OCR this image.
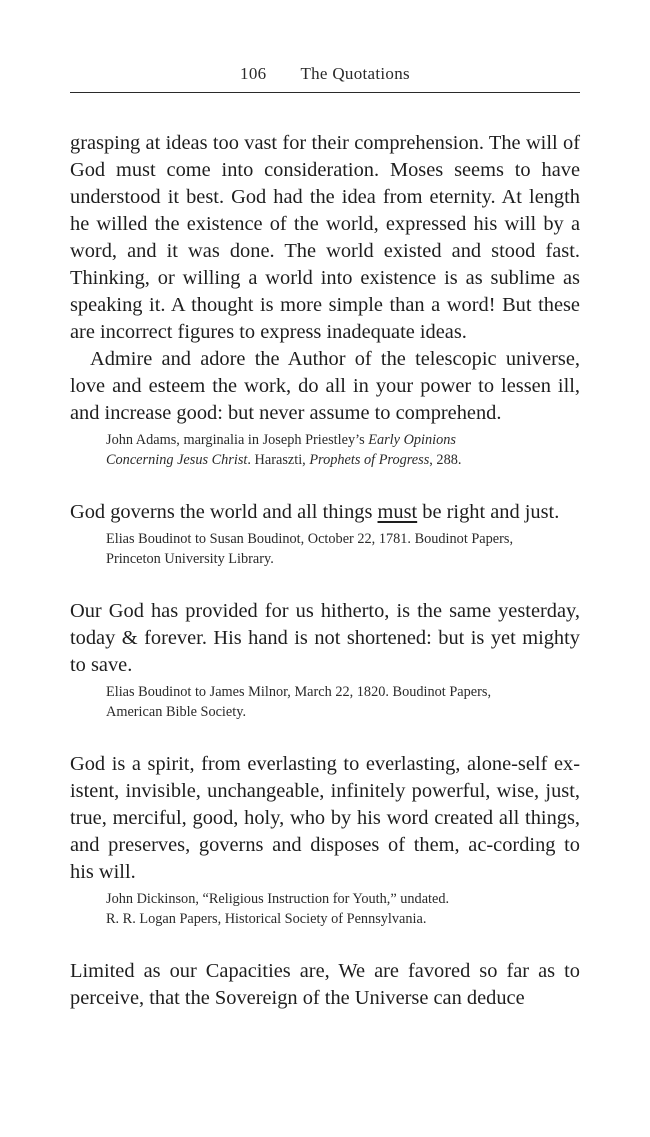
106 The Quotations

grasping at ideas too vast for their comprehension. The will of God must come into consideration. Moses seems to have understood it best. God had the idea from eternity. At length he willed the existence of the world, expressed his will by a word, and it was done. The world existed and stood fast. Thinking, or willing a world into existence is as sublime as speaking it. A thought is more simple than a word! But these are incorrect figures to express inadequate ideas.

Admire and adore the Author of the telescopic universe, love and esteem the work, do all in your power to lessen ill, and increase good: but never assume to comprehend.

John Adams, marginalia in Joseph Priestley’s Early Opinions
Concerning Jesus Christ. Haraszti, Prophets of Progress, 288.

God governs the world and all things must be right and just.

Elias Boudinot to Susan Boudinot, October 22, 1781. Boudinot Papers,
Princeton University Library.

Our God has provided for us hitherto, is the same yesterday, today & forever. His hand is not shortened: but is yet mighty to save.

Elias Boudinot to James Milnor, March 22, 1820. Boudinot Papers,
American Bible Society.

God is a spirit, from everlasting to everlasting, alone-self ex-istent, invisible, unchangeable, infinitely powerful, wise, just, true, merciful, good, holy, who by his word created all things, and preserves, governs and disposes of them, ac-cording to his will.

John Dickinson, “Religious Instruction for Youth,” undated.
R. R. Logan Papers, Historical Society of Pennsylvania.

Limited as our Capacities are, We are favored so far as to perceive, that the Sovereign of the Universe can deduce
